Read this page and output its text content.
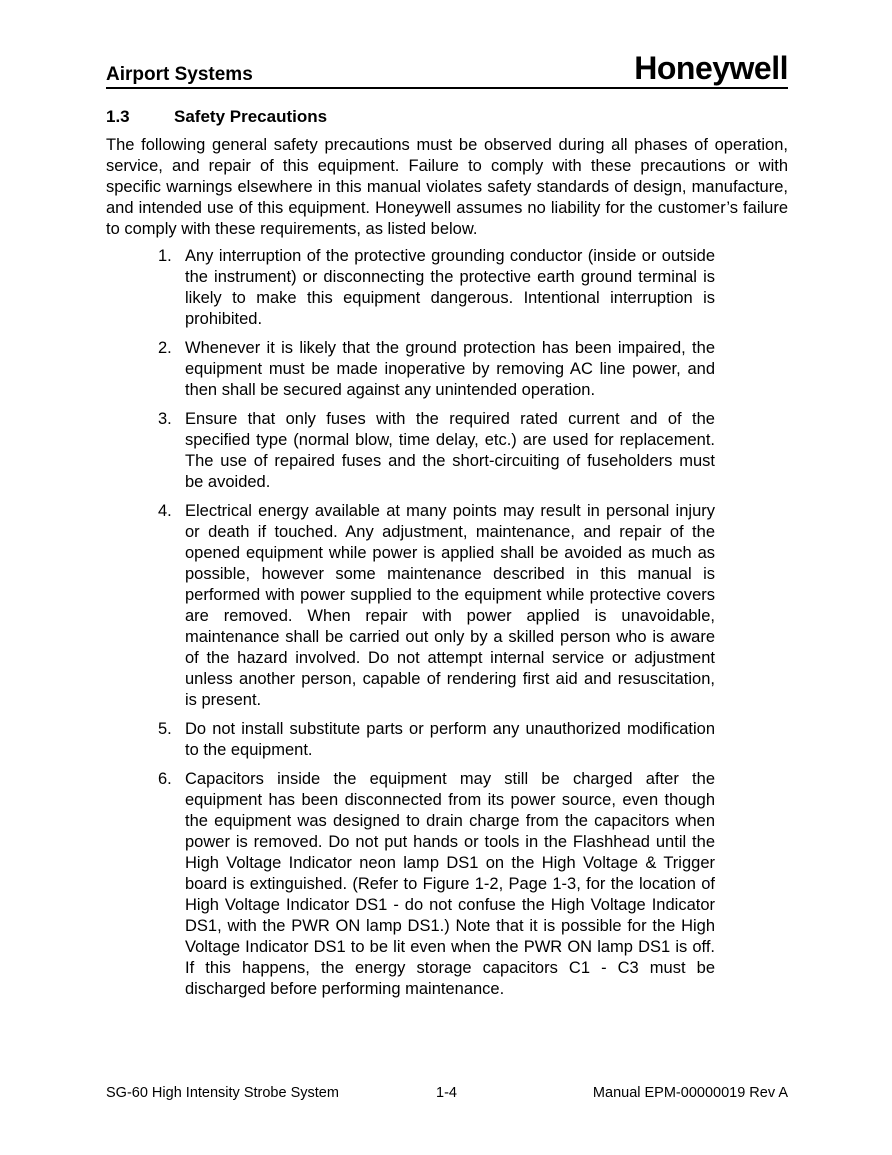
Airport Systems	Honeywell
1.3	Safety Precautions

The following general safety precautions must be observed during all phases of operation, service, and repair of this equipment. Failure to comply with these precautions or with specific warnings elsewhere in this manual violates safety standards of design, manufacture, and intended use of this equipment. Honeywell assumes no liability for the customer’s failure to comply with these requirements, as listed below.

1. Any interruption of the protective grounding conductor (inside or outside the instrument) or disconnecting the protective earth ground terminal is likely to make this equipment dangerous. Intentional interruption is prohibited.

2. Whenever it is likely that the ground protection has been impaired, the equipment must be made inoperative by removing AC line power, and then shall be secured against any unintended operation.

3. Ensure that only fuses with the required rated current and of the specified type (normal blow, time delay, etc.) are used for replacement. The use of repaired fuses and the short-circuiting of fuseholders must be avoided.

4. Electrical energy available at many points may result in personal injury or death if touched. Any adjustment, maintenance, and repair of the opened equipment while power is applied shall be avoided as much as possible, however some maintenance described in this manual is performed with power supplied to the equipment while protective covers are removed. When repair with power applied is unavoidable, maintenance shall be carried out only by a skilled person who is aware of the hazard involved. Do not attempt internal service or adjustment unless another person, capable of rendering first aid and resuscitation, is present.

5. Do not install substitute parts or perform any unauthorized modification to the equipment.

6. Capacitors inside the equipment may still be charged after the equipment has been disconnected from its power source, even though the equipment was designed to drain charge from the capacitors when power is removed. Do not put hands or tools in the Flashhead until the High Voltage Indicator neon lamp DS1 on the High Voltage & Trigger board is extinguished. (Refer to Figure 1-2, Page 1-3, for the location of High Voltage Indicator DS1 - do not confuse the High Voltage Indicator DS1, with the PWR ON lamp DS1.) Note that it is possible for the High Voltage Indicator DS1 to be lit even when the PWR ON lamp DS1 is off. If this happens, the energy storage capacitors C1 - C3 must be discharged before performing maintenance.

SG-60 High Intensity Strobe System	1-4	Manual EPM-00000019 Rev A
